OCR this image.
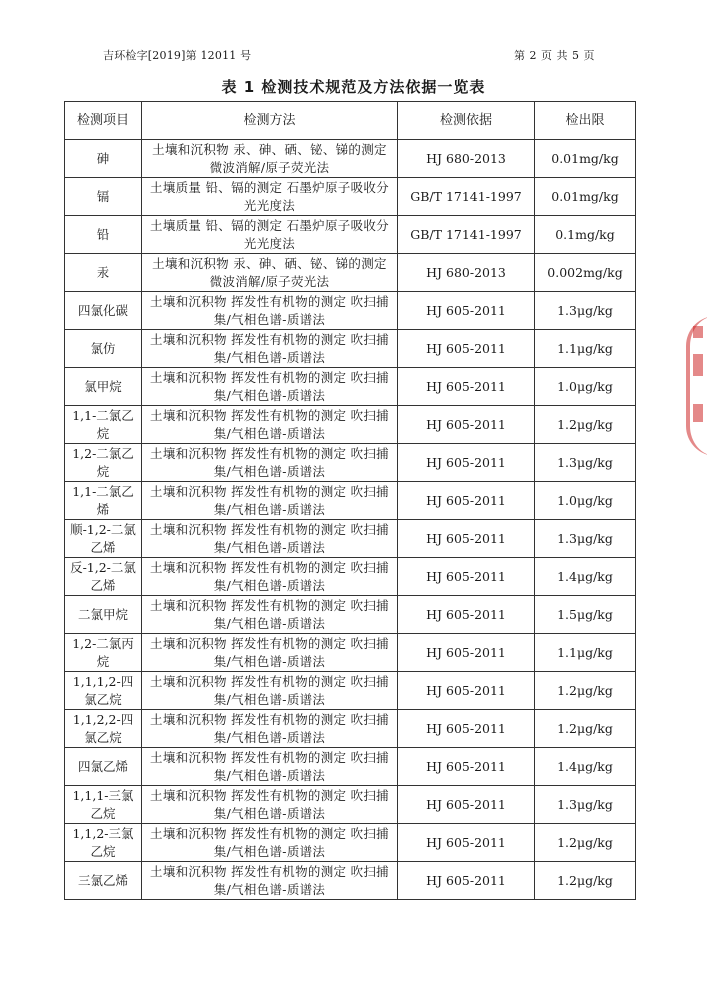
吉环检字[2019]第 12011 号	第 2 页 共 5 页
表 1 检测技术规范及方法依据一览表
检测项目	检测方法	检测依据	检出限
砷	土壤和沉积物 汞、砷、硒、铋、锑的测定 微波消解/原子荧光法	HJ 680-2013	0.01mg/kg
镉	土壤质量 铅、镉的测定 石墨炉原子吸收分光光度法	GB/T 17141-1997	0.01mg/kg
铅	土壤质量 铅、镉的测定 石墨炉原子吸收分光光度法	GB/T 17141-1997	0.1mg/kg
汞	土壤和沉积物 汞、砷、硒、铋、锑的测定 微波消解/原子荧光法	HJ 680-2013	0.002mg/kg
四氯化碳	土壤和沉积物 挥发性有机物的测定 吹扫捕集/气相色谱-质谱法	HJ 605-2011	1.3μg/kg
氯仿	土壤和沉积物 挥发性有机物的测定 吹扫捕集/气相色谱-质谱法	HJ 605-2011	1.1μg/kg
氯甲烷	土壤和沉积物 挥发性有机物的测定 吹扫捕集/气相色谱-质谱法	HJ 605-2011	1.0μg/kg
1,1-二氯乙烷	土壤和沉积物 挥发性有机物的测定 吹扫捕集/气相色谱-质谱法	HJ 605-2011	1.2μg/kg
1,2-二氯乙烷	土壤和沉积物 挥发性有机物的测定 吹扫捕集/气相色谱-质谱法	HJ 605-2011	1.3μg/kg
1,1-二氯乙烯	土壤和沉积物 挥发性有机物的测定 吹扫捕集/气相色谱-质谱法	HJ 605-2011	1.0μg/kg
顺-1,2-二氯乙烯	土壤和沉积物 挥发性有机物的测定 吹扫捕集/气相色谱-质谱法	HJ 605-2011	1.3μg/kg
反-1,2-二氯乙烯	土壤和沉积物 挥发性有机物的测定 吹扫捕集/气相色谱-质谱法	HJ 605-2011	1.4μg/kg
二氯甲烷	土壤和沉积物 挥发性有机物的测定 吹扫捕集/气相色谱-质谱法	HJ 605-2011	1.5μg/kg
1,2-二氯丙烷	土壤和沉积物 挥发性有机物的测定 吹扫捕集/气相色谱-质谱法	HJ 605-2011	1.1μg/kg
1,1,1,2-四氯乙烷	土壤和沉积物 挥发性有机物的测定 吹扫捕集/气相色谱-质谱法	HJ 605-2011	1.2μg/kg
1,1,2,2-四氯乙烷	土壤和沉积物 挥发性有机物的测定 吹扫捕集/气相色谱-质谱法	HJ 605-2011	1.2μg/kg
四氯乙烯	土壤和沉积物 挥发性有机物的测定 吹扫捕集/气相色谱-质谱法	HJ 605-2011	1.4μg/kg
1,1,1-三氯乙烷	土壤和沉积物 挥发性有机物的测定 吹扫捕集/气相色谱-质谱法	HJ 605-2011	1.3μg/kg
1,1,2-三氯乙烷	土壤和沉积物 挥发性有机物的测定 吹扫捕集/气相色谱-质谱法	HJ 605-2011	1.2μg/kg
三氯乙烯	土壤和沉积物 挥发性有机物的测定 吹扫捕集/气相色谱-质谱法	HJ 605-2011	1.2μg/kg
